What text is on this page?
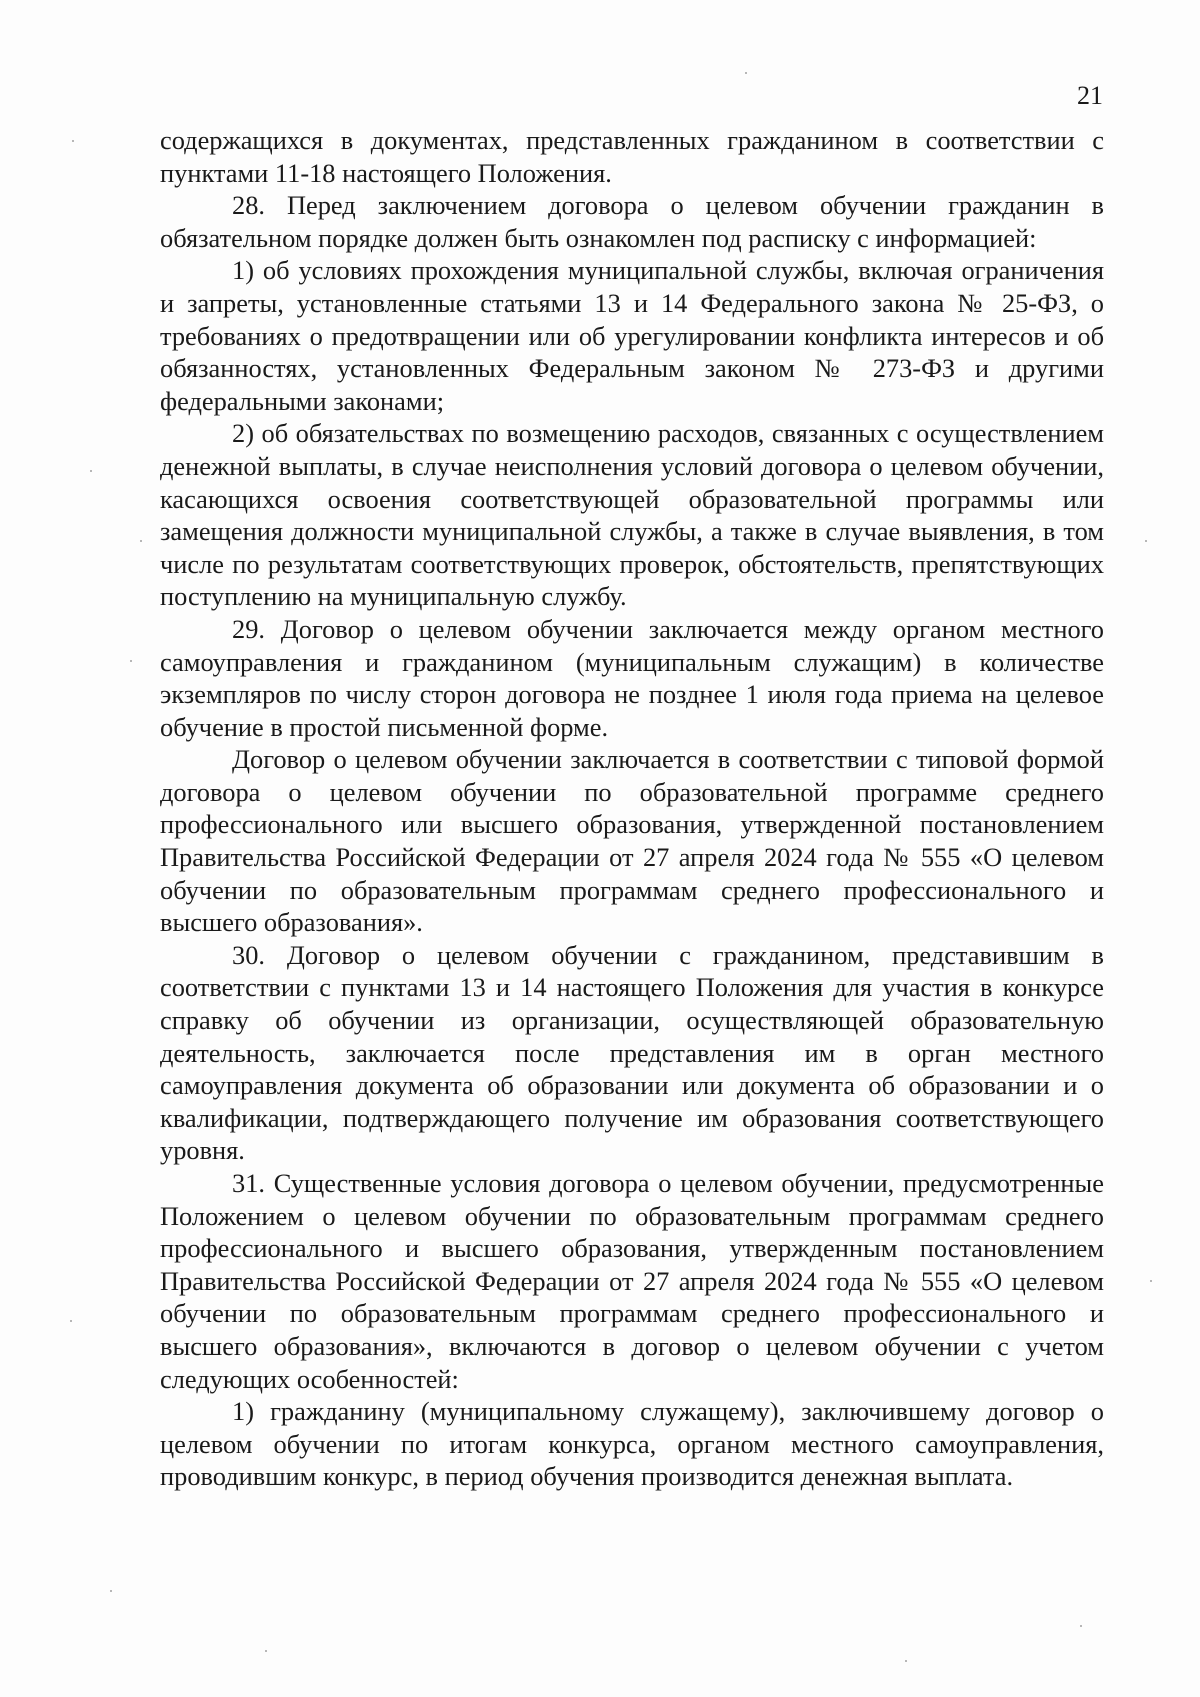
21

содержащихся в документах, представленных гражданином в соответствии с пунктами 11-18 настоящего Положения.

28. Перед заключением договора о целевом обучении гражданин в обязательном порядке должен быть ознакомлен под расписку с информацией:

1) об условиях прохождения муниципальной службы, включая ограничения и запреты, установленные статьями 13 и 14 Федерального закона № 25-ФЗ, о требованиях о предотвращении или об урегулировании конфликта интересов и об обязанностях, установленных Федеральным законом № 273-ФЗ и другими федеральными законами;

2) об обязательствах по возмещению расходов, связанных с осуществлением денежной выплаты, в случае неисполнения условий договора о целевом обучении, касающихся освоения соответствующей образовательной программы или замещения должности муниципальной службы, а также в случае выявления, в том числе по результатам соответствующих проверок, обстоятельств, препятствующих поступлению на муниципальную службу.

29. Договор о целевом обучении заключается между органом местного самоуправления и гражданином (муниципальным служащим) в количестве экземпляров по числу сторон договора не позднее 1 июля года приема на целевое обучение в простой письменной форме.

Договор о целевом обучении заключается в соответствии с типовой формой договора о целевом обучении по образовательной программе среднего профессионального или высшего образования, утвержденной постановлением Правительства Российской Федерации от 27 апреля 2024 года № 555 «О целевом обучении по образовательным программам среднего профессионального и высшего образования».

30. Договор о целевом обучении с гражданином, представившим в соответствии с пунктами 13 и 14 настоящего Положения для участия в конкурсе справку об обучении из организации, осуществляющей образовательную деятельность, заключается после представления им в орган местного самоуправления документа об образовании или документа об образовании и о квалификации, подтверждающего получение им образования соответствующего уровня.

31. Существенные условия договора о целевом обучении, предусмотренные Положением о целевом обучении по образовательным программам среднего профессионального и высшего образования, утвержденным постановлением Правительства Российской Федерации от 27 апреля 2024 года № 555 «О целевом обучении по образовательным программам среднего профессионального и высшего образования», включаются в договор о целевом обучении с учетом следующих особенностей:

1) гражданину (муниципальному служащему), заключившему договор о целевом обучении по итогам конкурса, органом местного самоуправления, проводившим конкурс, в период обучения производится денежная выплата.
